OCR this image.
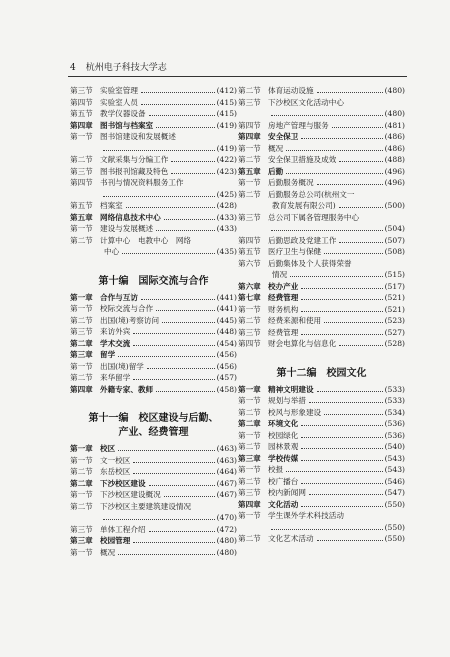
4 杭州电子科技大学志
第三节 实验室管理	(412)
第四节 实验室人员	(415)
第五节 教学仪器设备	(415)
第四章 图书馆与档案室	(419)
第一节 图书馆建设和发展概述
(419)
第二节 文献采集与分编工作	(422)
第三节 图书报刊馆藏及特色	(423)
第四节 书刊与情况资料服务工作
(425)
第五节 档案室	(428)
第五章 网络信息技术中心	(433)
第一节 建设与发展概述	(433)
第二节 计算中心　电教中心　网络
中心	(435)
第十编　国际交流与合作
第一章 合作与互访	(441)
第一节 校际交流与合作	(441)
第二节 出国(境)考察访问	(445)
第三节 来访外宾	(448)
第二章 学术交流	(454)
第三章 留学	(456)
第一节 出国(境)留学	(456)
第二节 来华留学	(457)
第四章 外籍专家、教师	(458)
第十一编　校区建设与后勤、
产业、经费管理
第一章 校区	(463)
第一节 文一校区	(463)
第二节 东岳校区	(464)
第二章 下沙校区建设	(467)
第一节 下沙校区建设概况	(467)
第二节 下沙校区主要建筑建设情况
(470)
第三节 单体工程介绍	(472)
第三章 校园管理	(480)
第一节 概况	(480)
第二节 体育运动设施	(480)
第三节 下沙校区文化活动中心
(480)
第四节 房地产管理与服务	(481)
第四章 安全保卫	(486)
第一节 概况	(486)
第二节 安全保卫措施及成效	(488)
第五章 后勤	(496)
第一节 后勤服务概况	(496)
第二节 后勤服务总公司(杭州文一
教育发展有限公司)	(500)
第三节 总公司下属各管理服务中心
(504)
第四节 后勤思政及党建工作	(507)
第五节 医疗卫生与保健	(508)
第六节 后勤集体及个人获得荣誉
情况	(515)
第六章 校办产业	(517)
第七章 经费管理	(521)
第一节 财务机构	(521)
第二节 经费来源和使用	(523)
第三节 经费管理	(527)
第四节 财会电算化与信息化	(528)
第十二编　校园文化
第一章 精神文明建设	(533)
第一节 规划与举措	(533)
第二节 校风与形象建设	(534)
第二章 环境文化	(536)
第一节 校园绿化	(536)
第二节 园林景观	(540)
第三章 学校传媒	(543)
第一节 校报	(543)
第二节 校广播台	(546)
第三节 校内新闻网	(547)
第四章 文化活动	(550)
第一节 学生课外学术科技活动
(550)
第二节 文化艺术活动	(550)
